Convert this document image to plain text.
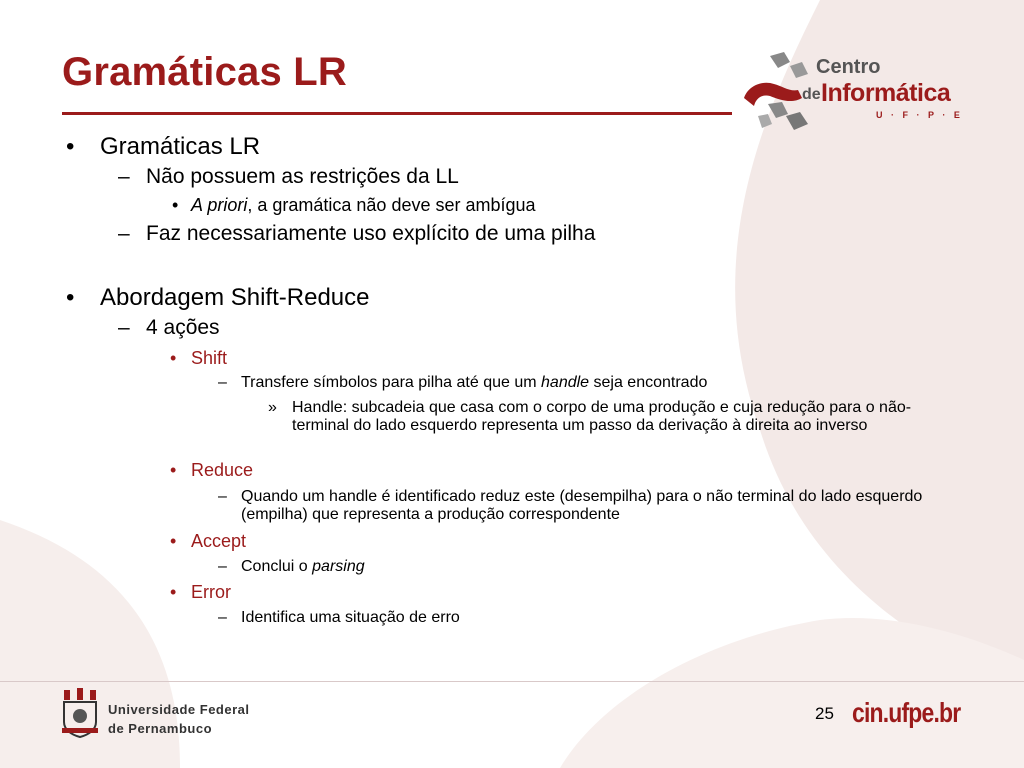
Gramáticas LR	Centro
de Informática
U · F · P · E
• Gramáticas LR
– Não possuem as restrições da LL
• A priori, a gramática não deve ser ambígua
– Faz necessariamente uso explícito de uma pilha
• Abordagem Shift-Reduce
– 4 ações
• Shift
– Transfere símbolos para pilha até que um handle seja encontrado
» Handle: subcadeia que casa com o corpo de uma produção e cuja redução para o não-terminal do lado esquerdo representa um passo da derivação à direita ao inverso
• Reduce
– Quando um handle é identificado reduz este (desempilha) para o não terminal do lado esquerdo (empilha) que representa a produção correspondente
• Accept
– Conclui o parsing
• Error
– Identifica uma situação de erro
Universidade Federal
de Pernambuco
25 cin.ufpe.br
